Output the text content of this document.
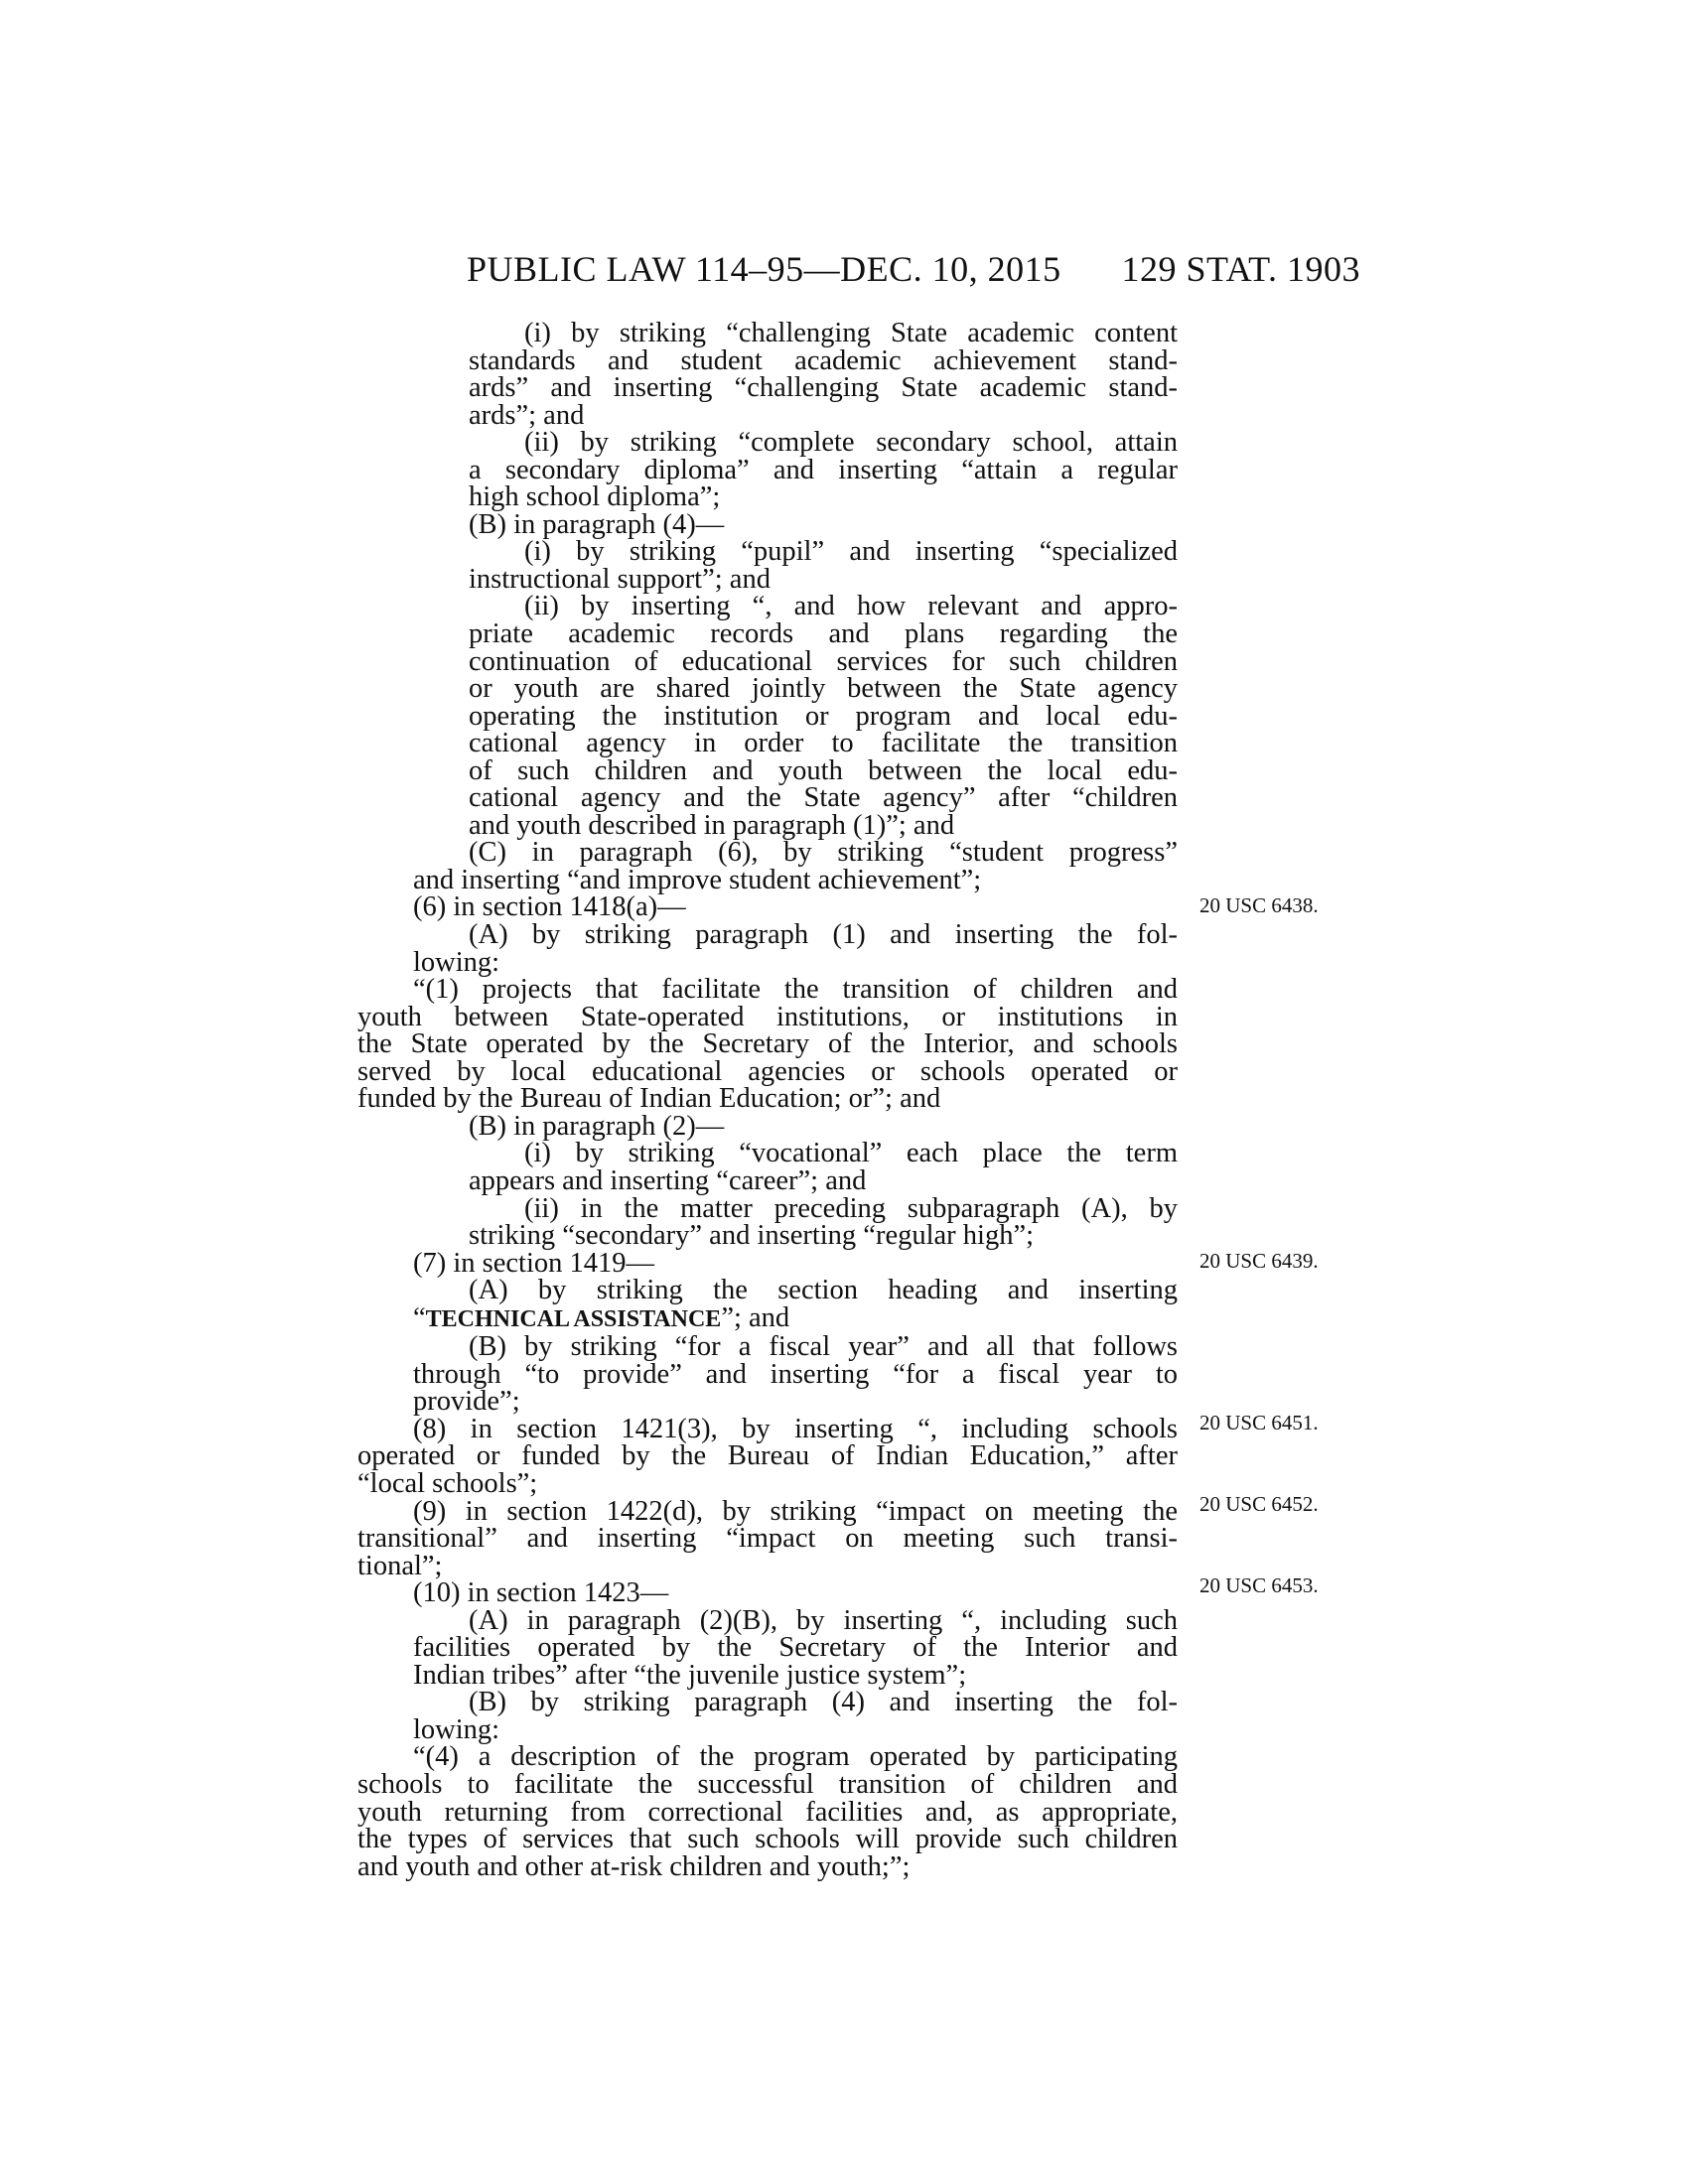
PUBLIC LAW 114–95—DEC. 10, 2015 129 STAT. 1903
20 USC 6438.
20 USC 6439.
20 USC 6451.
20 USC 6452.
20 USC 6453.
(i) by striking “challenging State academic content
standards and student academic achievement stand-
ards” and inserting “challenging State academic stand-
ards”; and
(ii) by striking “complete secondary school, attain
a secondary diploma” and inserting “attain a regular
high school diploma”;
(B) in paragraph (4)—
(i) by striking “pupil” and inserting “specialized
instructional support”; and
(ii) by inserting “, and how relevant and appro-
priate academic records and plans regarding the
continuation of educational services for such children
or youth are shared jointly between the State agency
operating the institution or program and local edu-
cational agency in order to facilitate the transition
of such children and youth between the local edu-
cational agency and the State agency” after “children
and youth described in paragraph (1)”; and
(C) in paragraph (6), by striking “student progress”
and inserting “and improve student achievement”;
(6) in section 1418(a)—
(A) by striking paragraph (1) and inserting the fol-
lowing:
“(1) projects that facilitate the transition of children and
youth between State-operated institutions, or institutions in
the State operated by the Secretary of the Interior, and schools
served by local educational agencies or schools operated or
funded by the Bureau of Indian Education; or”; and
(B) in paragraph (2)—
(i) by striking “vocational” each place the term
appears and inserting “career”; and
(ii) in the matter preceding subparagraph (A), by
striking “secondary” and inserting “regular high”;
(7) in section 1419—
(A) by striking the section heading and inserting
“TECHNICAL ASSISTANCE”; and
(B) by striking “for a fiscal year” and all that follows
through “to provide” and inserting “for a fiscal year to
provide”;
(8) in section 1421(3), by inserting “, including schools
operated or funded by the Bureau of Indian Education,” after
“local schools”;
(9) in section 1422(d), by striking “impact on meeting the
transitional” and inserting “impact on meeting such transi-
tional”;
(10) in section 1423—
(A) in paragraph (2)(B), by inserting “, including such
facilities operated by the Secretary of the Interior and
Indian tribes” after “the juvenile justice system”;
(B) by striking paragraph (4) and inserting the fol-
lowing:
“(4) a description of the program operated by participating
schools to facilitate the successful transition of children and
youth returning from correctional facilities and, as appropriate,
the types of services that such schools will provide such children
and youth and other at-risk children and youth;”;
